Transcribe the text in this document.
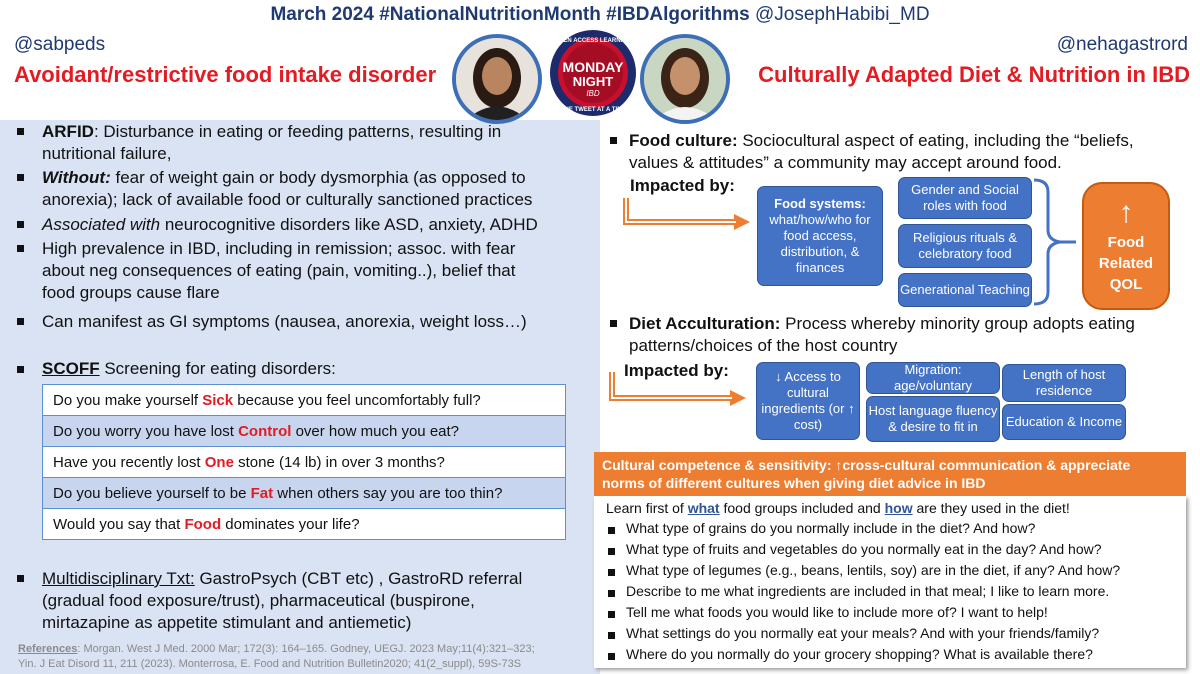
March 2024 #NationalNutritionMonth #IBDAlgorithms @JosephHabibi_MD
@sabpeds
Avoidant/restrictive food intake disorder
@nehagastrord
Culturally Adapted Diet & Nutrition in IBD
OPEN ACCESS LEARNING
MONDAY
NIGHT
IBD
ONE TWEET AT A TIME
ARFID: Disturbance in eating or feeding patterns, resulting in
nutritional failure,
Without: fear of weight gain or body dysmorphia (as opposed to
anorexia); lack of available food or culturally sanctioned practices
Associated with neurocognitive disorders like ASD, anxiety, ADHD
High prevalence in IBD, including in remission; assoc. with fear
about neg consequences of eating (pain, vomiting..), belief that
food groups cause flare
Can manifest as GI symptoms (nausea, anorexia, weight loss…)
SCOFF Screening for eating disorders:
Do you make yourself Sick because you feel uncomfortably full?
Do you worry you have lost Control over how much you eat?
Have you recently lost One stone (14 lb) in over 3 months?
Do you believe yourself to be Fat when others say you are too thin?
Would you say that Food dominates your life?
Multidisciplinary Txt: GastroPsych (CBT etc) , GastroRD referral
(gradual food exposure/trust), pharmaceutical (buspirone,
mirtazapine as appetite stimulant and antiemetic)
References: Morgan. West J Med. 2000 Mar; 172(3): 164–165. Godney, UEGJ. 2023 May;11(4):321–323;
Yin. J Eat Disord 11, 211 (2023). Monterrosa, E. Food and Nutrition Bulletin2020; 41(2_suppl), 59S-73S
Food culture: Sociocultural aspect of eating, including the “beliefs,
values & attitudes” a community may accept around food.
Impacted by:
Food systems:
what/how/who for food access, distribution, & finances
Gender and Social roles with food
Religious rituals & celebratory food
Generational Teaching
↑
Food Related QOL
Diet Acculturation: Process whereby minority group adopts eating
patterns/choices of the host country
Impacted by:	↓ Access to cultural ingredients (or ↑ cost)
Migration: age/voluntary
Host language fluency & desire to fit in
Length of host residence
Education & Income
Cultural competence & sensitivity: ↑cross-cultural communication & appreciate
norms of different cultures when giving diet advice in IBD
Learn first of what food groups included and how are they used in the diet!
What type of grains do you normally include in the diet? And how?
What type of fruits and vegetables do you normally eat in the day? And how?
What type of legumes (e.g., beans, lentils, soy) are in the diet, if any? And how?
Describe to me what ingredients are included in that meal; I like to learn more.
Tell me what foods you would like to include more of? I want to help!
What settings do you normally eat your meals? And with your friends/family?
Where do you normally do your grocery shopping? What is available there?
